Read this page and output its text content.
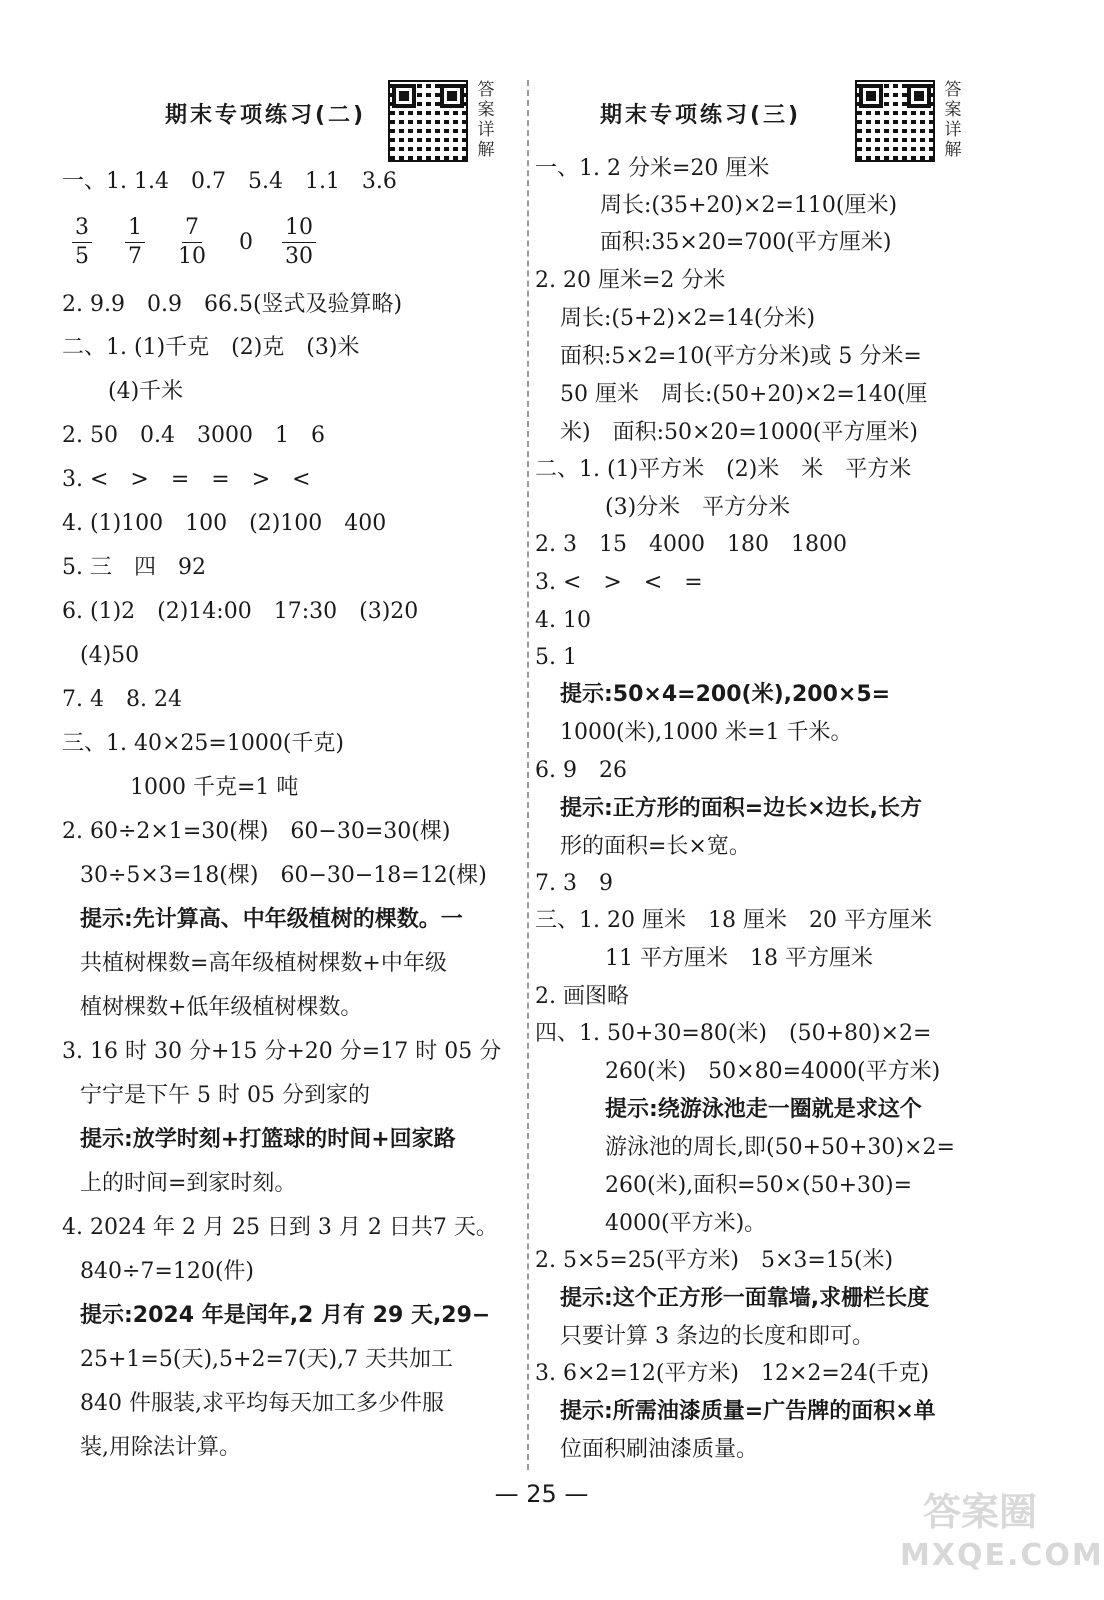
期末专项练习(二)
答案详解
一、1. 1.4　0.7　5.4　1.1　3.6
$\frac{3}{5}$
$\frac{1}{7}$
$\frac{7}{10} 0 \frac{10}{30}$
2. 9.9　0.9　66.5(竖式及验算略)
二、1. (1)千克　(2)克　(3)米
(4)千米
2. 50　0.4　3000　1　6
3. <　>　=　=　>　<
4. (1)100　100　(2)100　400
5. 三　四　92
6. (1)2　(2)14:00　17:30　(3)20
(4)50
7. 4　8. 24
三、1. 40×25=1000(千克)
1000 千克=1 吨
2. 60÷2×1=30(棵)　60−30=30(棵)
30÷5×3=18(棵)　60−30−18=12(棵)
提示:先计算高、中年级植树的棵数。一
共植树棵数=高年级植树棵数+中年级
植树棵数+低年级植树棵数。
3. 16 时 30 分+15 分+20 分=17 时 05 分
宁宁是下午 5 时 05 分到家的
提示:放学时刻+打篮球的时间+回家路
上的时间=到家时刻。
4. 2024 年 2 月 25 日到 3 月 2 日共7 天。
840÷7=120(件)
提示:2024 年是闰年,2 月有 29 天,29−
25+1=5(天),5+2=7(天),7 天共加工
840 件服装,求平均每天加工多少件服
装,用除法计算。
期末专项练习(三)
答案详解
一、1. 2 分米=20 厘米
周长:(35+20)×2=110(厘米)
面积:35×20=700(平方厘米)
2. 20 厘米=2 分米
周长:(5+2)×2=14(分米)
面积:5×2=10(平方分米)或 5 分米=
50 厘米　周长:(50+20)×2=140(厘
米)　面积:50×20=1000(平方厘米)
二、1. (1)平方米　(2)米　米　平方米
(3)分米　平方分米
2. 3　15　4000　180　1800
3. <　>　<　=
4. 10
5. 1
提示:50×4=200(米),200×5=
1000(米),1000 米=1 千米。
6. 9　26
提示:正方形的面积=边长×边长,长方
形的面积=长×宽。
7. 3　9
三、1. 20 厘米　18 厘米　20 平方厘米
11 平方厘米　18 平方厘米
2. 画图略
四、1. 50+30=80(米)　(50+80)×2=
260(米)　50×80=4000(平方米)
提示:绕游泳池走一圈就是求这个
游泳池的周长,即(50+50+30)×2=
260(米),面积=50×(50+30)=
4000(平方米)。
2. 5×5=25(平方米)　5×3=15(米)
提示:这个正方形一面靠墙,求栅栏长度
只要计算 3 条边的长度和即可。
3. 6×2=12(平方米)　12×2=24(千克)
提示:所需油漆质量=广告牌的面积×单
位面积刷油漆质量。
— 25 —	答案圈
MXQE.COM
